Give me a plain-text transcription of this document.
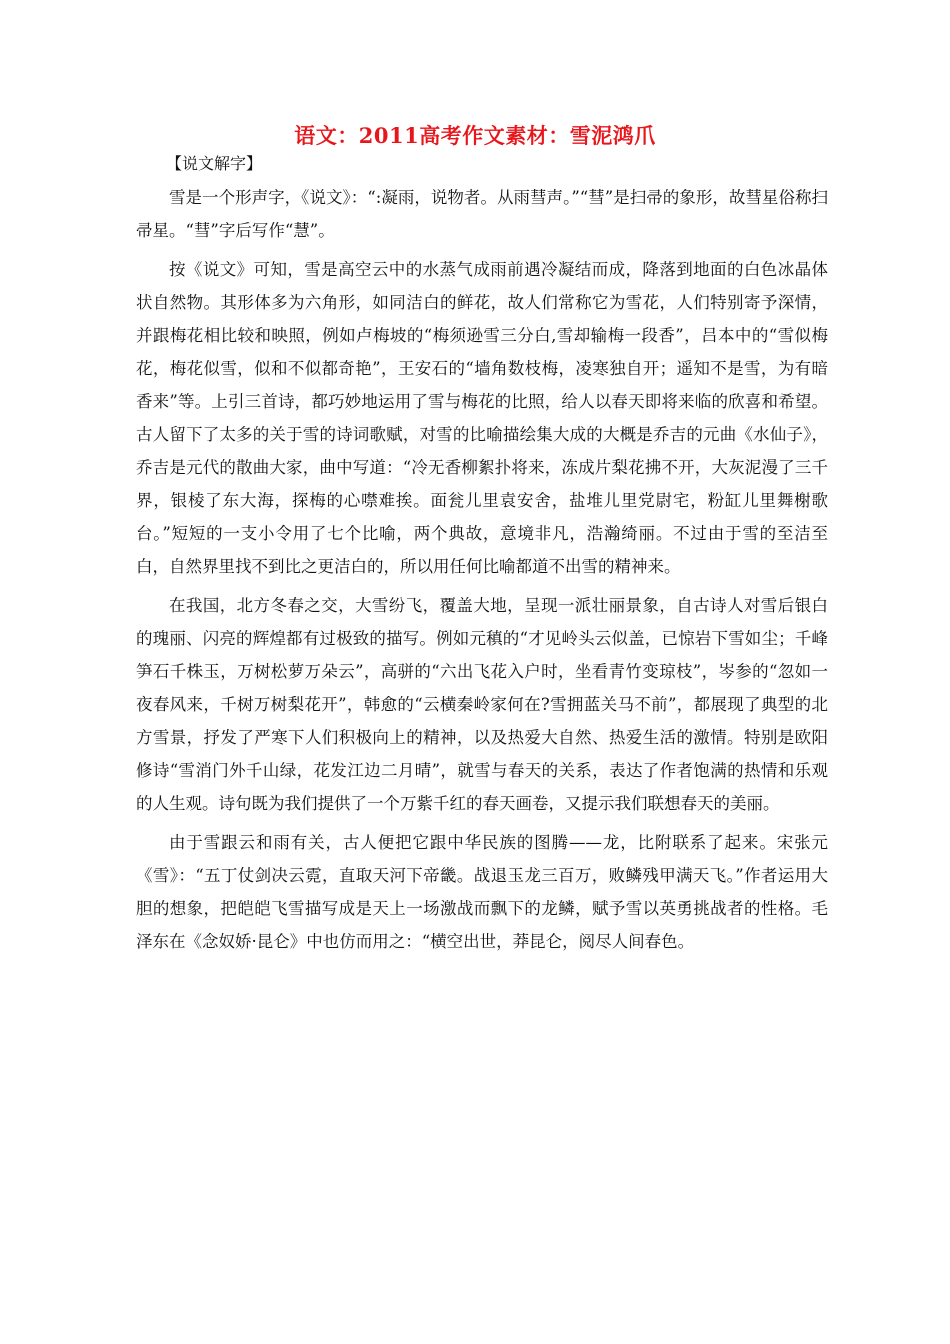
语文：2011高考作文素材：雪泥鸿爪
【说文解字】

雪是一个形声字，《说文》：“:凝雨，说物者。从雨彗声。”“彗”是扫帚的象形，故彗星俗称扫帚星。“彗”字后写作“慧”。

按《说文》可知，雪是高空云中的水蒸气成雨前遇冷凝结而成，降落到地面的白色冰晶体状自然物。其形体多为六角形，如同洁白的鲜花，故人们常称它为雪花，人们特别寄予深情，并跟梅花相比较和映照，例如卢梅坡的“梅须逊雪三分白,雪却输梅一段香”，吕本中的“雪似梅花，梅花似雪，似和不似都奇艳”，王安石的“墙角数枝梅，凌寒独自开；遥知不是雪，为有暗香来”等。上引三首诗，都巧妙地运用了雪与梅花的比照，给人以春天即将来临的欣喜和希望。古人留下了太多的关于雪的诗词歌赋，对雪的比喻描绘集大成的大概是乔吉的元曲《水仙子》，乔吉是元代的散曲大家，曲中写道：“冷无香柳絮扑将来，冻成片梨花拂不开，大灰泥漫了三千界，银棱了东大海，探梅的心噤难挨。面瓮儿里袁安舍，盐堆儿里党尉宅，粉缸儿里舞榭歌台。”短短的一支小令用了七个比喻，两个典故，意境非凡，浩瀚绮丽。不过由于雪的至洁至白，自然界里找不到比之更洁白的，所以用任何比喻都道不出雪的精神来。

在我国，北方冬春之交，大雪纷飞，覆盖大地，呈现一派壮丽景象，自古诗人对雪后银白的瑰丽、闪亮的辉煌都有过极致的描写。例如元稹的“才见岭头云似盖，已惊岩下雪如尘；千峰笋石千株玉，万树松萝万朵云”，高骈的“六出飞花入户时，坐看青竹变琼枝”，岑参的“忽如一夜春风来，千树万树梨花开”，韩愈的“云横秦岭家何在?雪拥蓝关马不前”，都展现了典型的北方雪景，抒发了严寒下人们积极向上的精神，以及热爱大自然、热爱生活的激情。特别是欧阳修诗“雪消门外千山绿，花发江边二月晴”，就雪与春天的关系，表达了作者饱满的热情和乐观的人生观。诗句既为我们提供了一个万紫千红的春天画卷，又提示我们联想春天的美丽。

由于雪跟云和雨有关，古人便把它跟中华民族的图腾——龙，比附联系了起来。宋张元《雪》：“五丁仗剑决云霓，直取天河下帝畿。战退玉龙三百万，败鳞残甲满天飞。”作者运用大胆的想象，把皑皑飞雪描写成是天上一场激战而飘下的龙鳞，赋予雪以英勇挑战者的性格。毛泽东在《念奴娇·昆仑》中也仿而用之：“横空出世，莽昆仑，阅尽人间春色。
